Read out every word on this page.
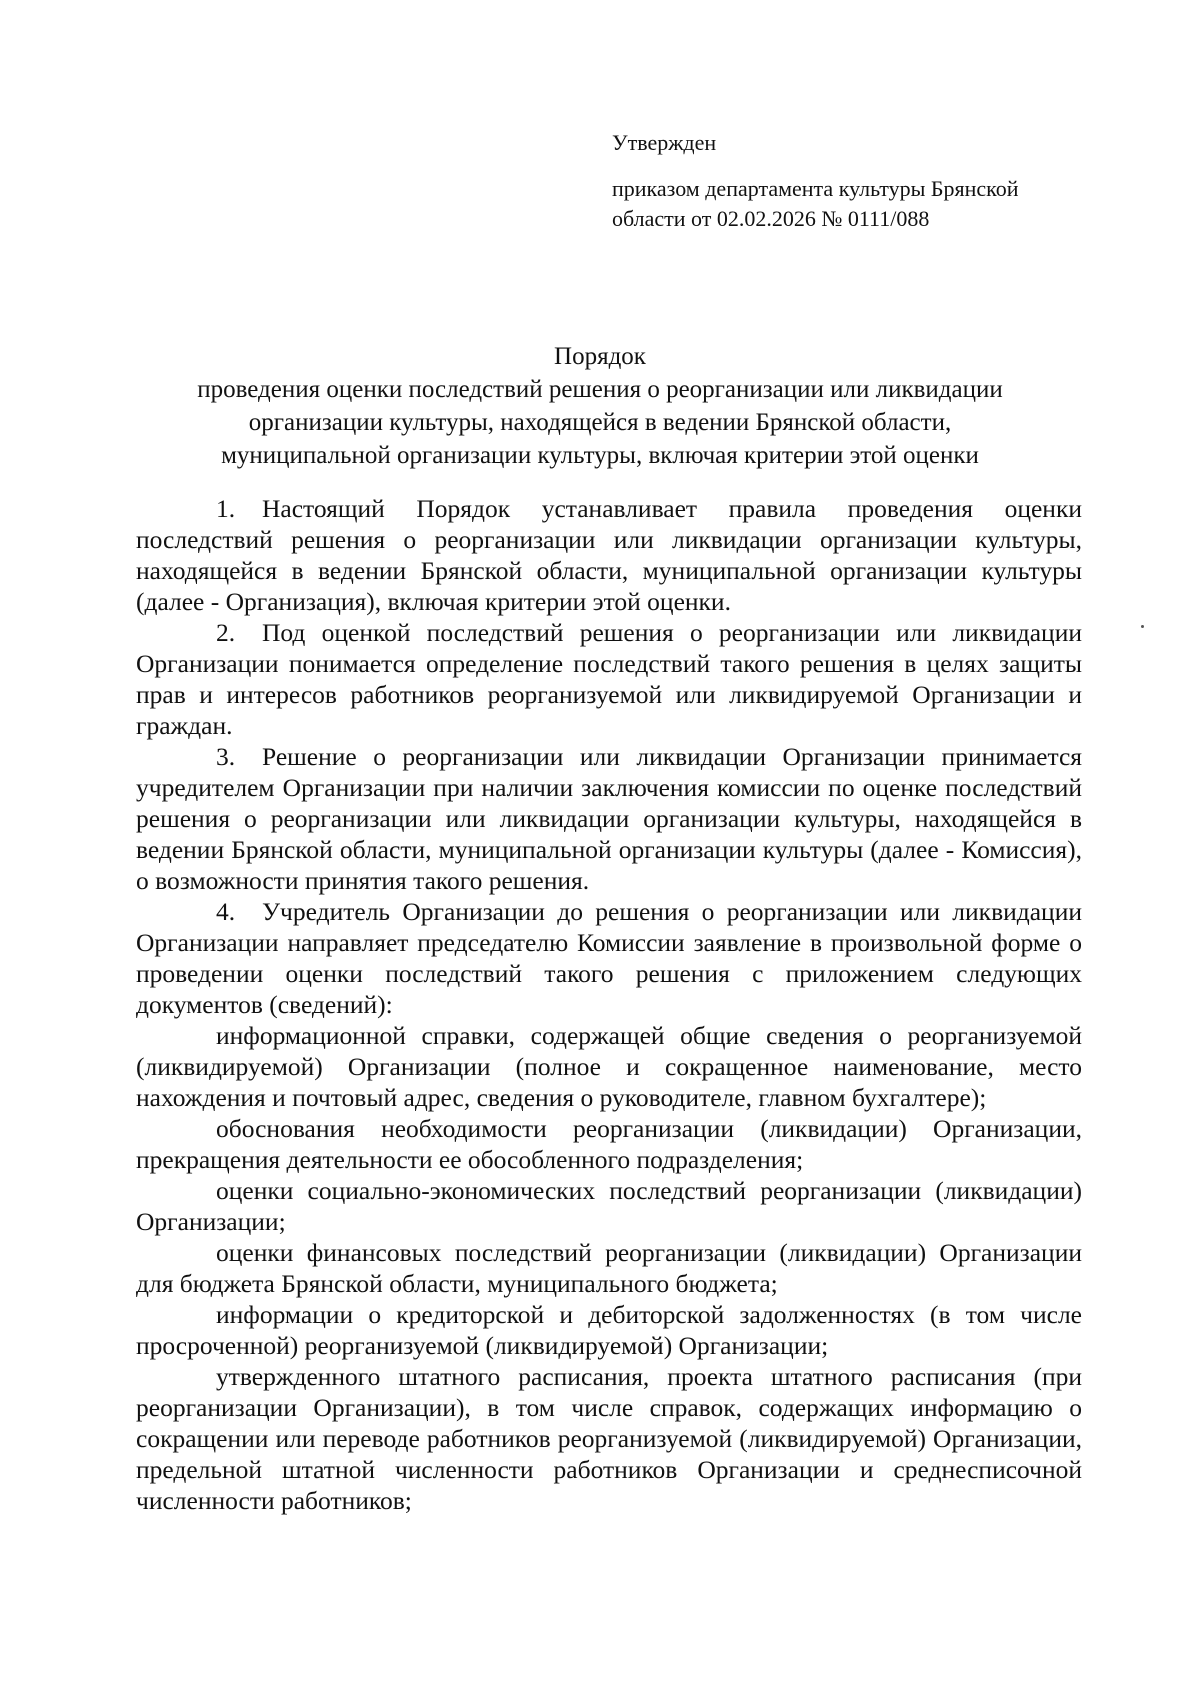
Утвержден

приказом департамента культуры Брянской области от 02.02.2026 № 0111/088

Порядок

проведения оценки последствий решения о реорганизации или ликвидации

организации культуры, находящейся в ведении Брянской области,

муниципальной организации культуры, включая критерии этой оценки

1. Настоящий Порядок устанавливает правила проведения оценки последствий решения о реорганизации или ликвидации организации культуры, находящейся в ведении Брянской области, муниципальной организации культуры (далее - Организация), включая критерии этой оценки.

2. Под оценкой последствий решения о реорганизации или ликвидации Организации понимается определение последствий такого решения в целях защиты прав и интересов работников реорганизуемой или ликвидируемой Организации и граждан.

3. Решение о реорганизации или ликвидации Организации принимается учредителем Организации при наличии заключения комиссии по оценке последствий решения о реорганизации или ликвидации организации культуры, находящейся в ведении Брянской области, муниципальной организации культуры (далее - Комиссия), о возможности принятия такого решения.

4. Учредитель Организации до решения о реорганизации или ликвидации Организации направляет председателю Комиссии заявление в произвольной форме о проведении оценки последствий такого решения с приложением следующих документов (сведений):

информационной справки, содержащей общие сведения о реорганизуемой (ликвидируемой) Организации (полное и сокращенное наименование, место нахождения и почтовый адрес, сведения о руководителе, главном бухгалтере);

обоснования необходимости реорганизации (ликвидации) Организации, прекращения деятельности ее обособленного подразделения;

оценки социально-экономических последствий реорганизации (ликвидации) Организации;

оценки финансовых последствий реорганизации (ликвидации) Организации для бюджета Брянской области, муниципального бюджета;

информации о кредиторской и дебиторской задолженностях (в том числе просроченной) реорганизуемой (ликвидируемой) Организации;

утвержденного штатного расписания, проекта штатного расписания (при реорганизации Организации), в том числе справок, содержащих информацию о сокращении или переводе работников реорганизуемой (ликвидируемой) Организации, предельной штатной численности работников Организации и среднесписочной численности работников;
